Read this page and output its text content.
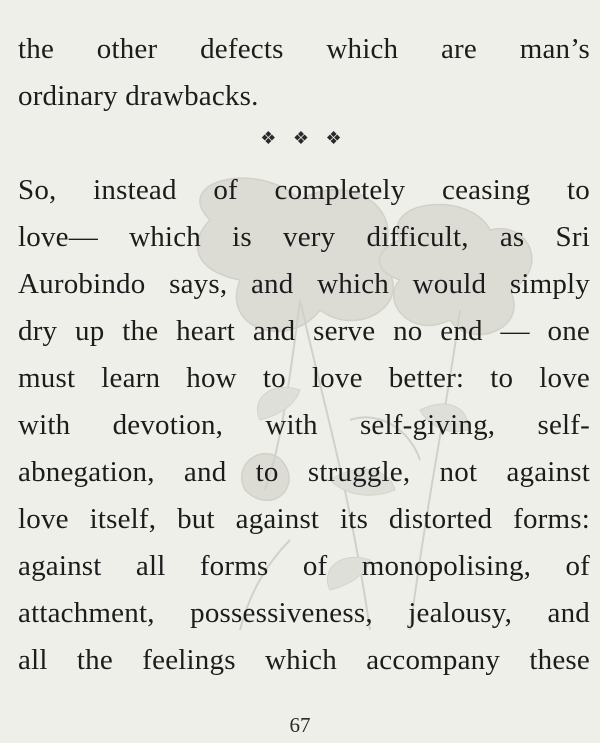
the other defects which are man’s
ordinary drawbacks.
❖ ❖ ❖
So, instead of completely ceasing to
love— which is very difficult, as Sri
Aurobindo says, and which would simply
dry up the heart and serve no end — one
must learn how to love better: to love
with devotion, with self-giving, self-
abnegation, and to struggle, not against
love itself, but against its distorted forms:
against all forms of monopolising, of
attachment, possessiveness, jealousy, and
all the feelings which accompany these
67
